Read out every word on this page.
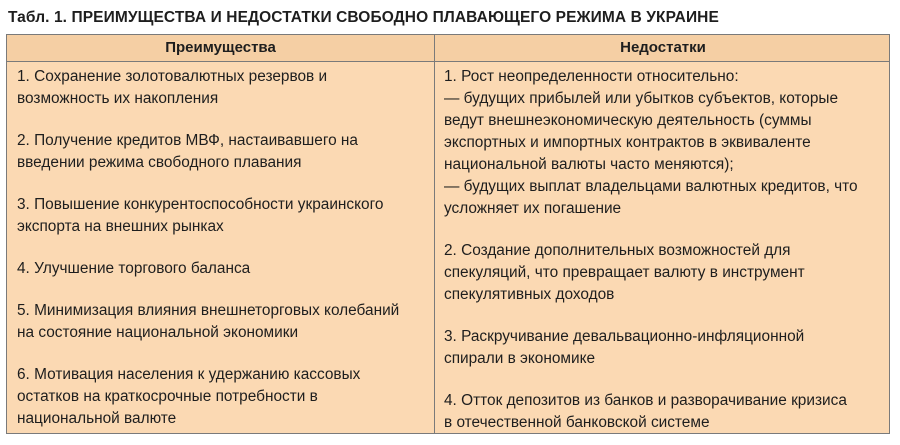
Табл. 1. ПРЕИМУЩЕСТВА И НЕДОСТАТКИ СВОБОДНО ПЛАВАЮЩЕГО РЕЖИМА В УКРАИНЕ
Преимущества	Недостатки

1. Сохранение золотовалютных резервов и

возможность их накопления

2. Получение кредитов МВФ, настаивавшего на

введении режима свободного плавания

3. Повышение конкурентоспособности украинского

экспорта на внешних рынках

4. Улучшение торгового баланса

5. Минимизация влияния внешнеторговых колебаний

на состояние национальной экономики

6. Мотивация населения к удержанию кассовых

остатков на краткосрочные потребности в

национальной валюте

1. Рост неопределенности относительно:

— будущих прибылей или убытков субъектов, которые

ведут внешнеэкономическую деятельность (суммы

экспортных и импортных контрактов в эквиваленте

национальной валюты часто меняются);

— будущих выплат владельцами валютных кредитов, что

усложняет их погашение

2. Создание дополнительных возможностей для

спекуляций, что превращает валюту в инструмент

спекулятивных доходов

3. Раскручивание девальвационно-инфляционной

спирали в экономике

4. Отток депозитов из банков и разворачивание кризиса

в отечественной банковской системе
